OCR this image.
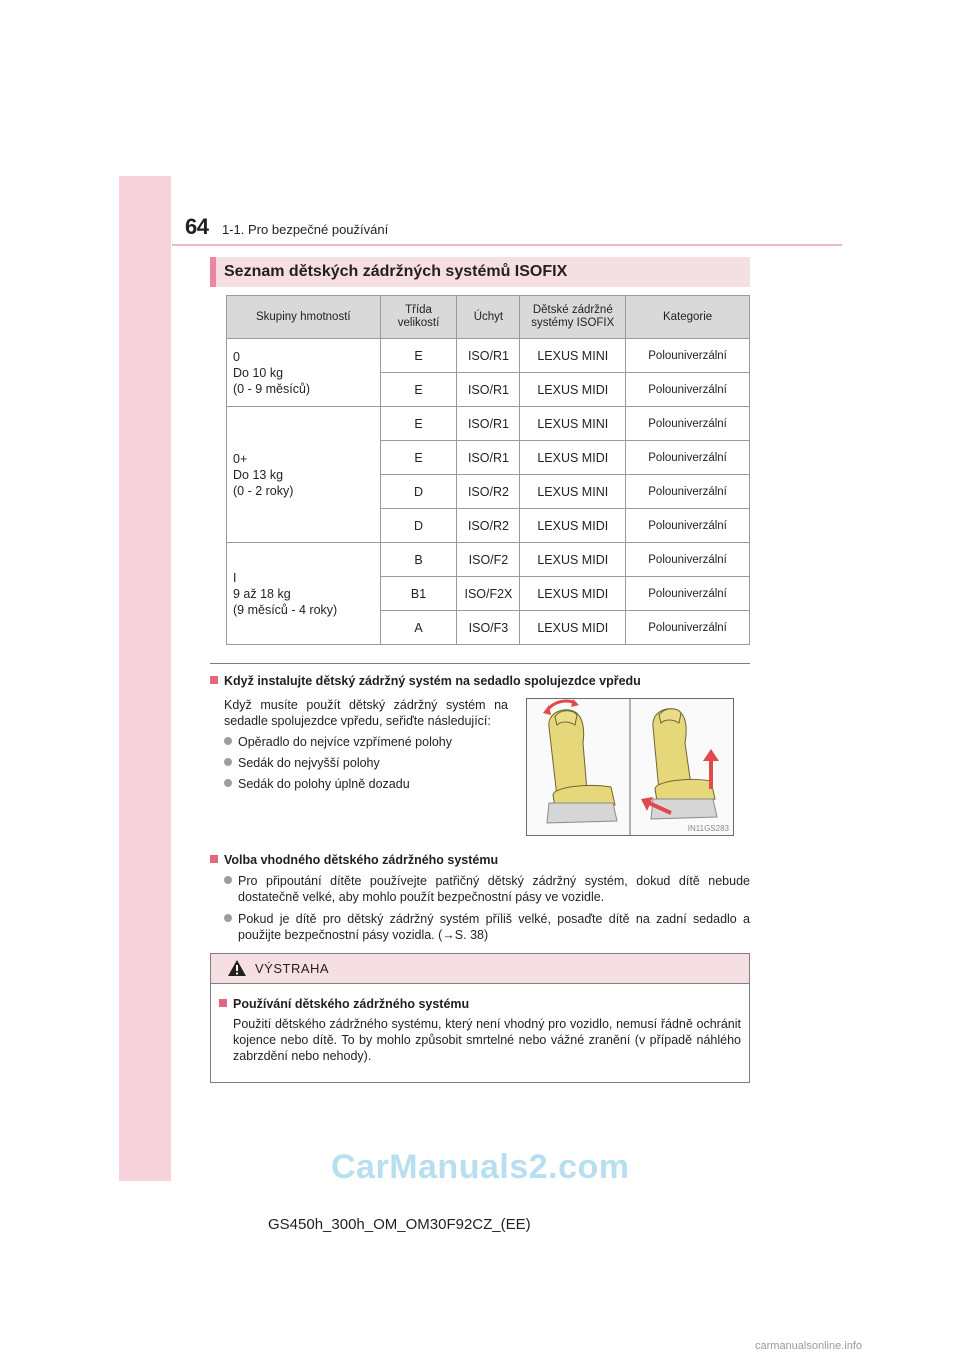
64 1-1. Pro bezpečné používání
Seznam dětských zádržných systémů ISOFIX
Skupiny hmotností	Třída
velikostí	Úchyt	Dětské zádržné
systémy ISOFIX	Kategorie

0
Do 10 kg
(0 - 9 měsíců)	E	ISO/R1	LEXUS MINI	Polouniverzální
	E	ISO/R1	LEXUS MIDI	Polouniverzální

0+
Do 13 kg
(0 - 2 roky)	E	ISO/R1	LEXUS MINI	Polouniverzální
	E	ISO/R1	LEXUS MIDI	Polouniverzální
	D	ISO/R2	LEXUS MINI	Polouniverzální
	D	ISO/R2	LEXUS MIDI	Polouniverzální

I
9 až 18 kg
(9 měsíců - 4 roky)	B	ISO/F2	LEXUS MIDI	Polouniverzální
	B1	ISO/F2X	LEXUS MIDI	Polouniverzální
	A	ISO/F3	LEXUS MIDI	Polouniverzální
Když instalujte dětský zádržný systém na sedadlo spolujezdce vpředu
Když musíte použít dětský zádržný systém na sedadle spolujezdce vpředu, seřiďte následující:
Opěradlo do nejvíce vzpřímené polohy
Sedák do nejvyšší polohy
Sedák do polohy úplně dozadu
IN11GS283
Volba vhodného dětského zádržného systému
Pro připoutání dítěte používejte patřičný dětský zádržný systém, dokud dítě nebude dostatečně velké, aby mohlo použít bezpečnostní pásy ve vozidle.
Pokud je dítě pro dětský zádržný systém příliš velké, posaďte dítě na zadní sedadlo a použijte bezpečnostní pásy vozidla. (→S. 38)
VÝSTRAHA
Používání dětského zádržného systému
Použití dětského zádržného systému, který není vhodný pro vozidlo, nemusí řádně ochránit kojence nebo dítě. To by mohlo způsobit smrtelné nebo vážné zranění (v případě náhlého zabrzdění nebo nehody).
CarManuals2.com
GS450h_300h_OM_OM30F92CZ_(EE)
carmanualsonline.info
